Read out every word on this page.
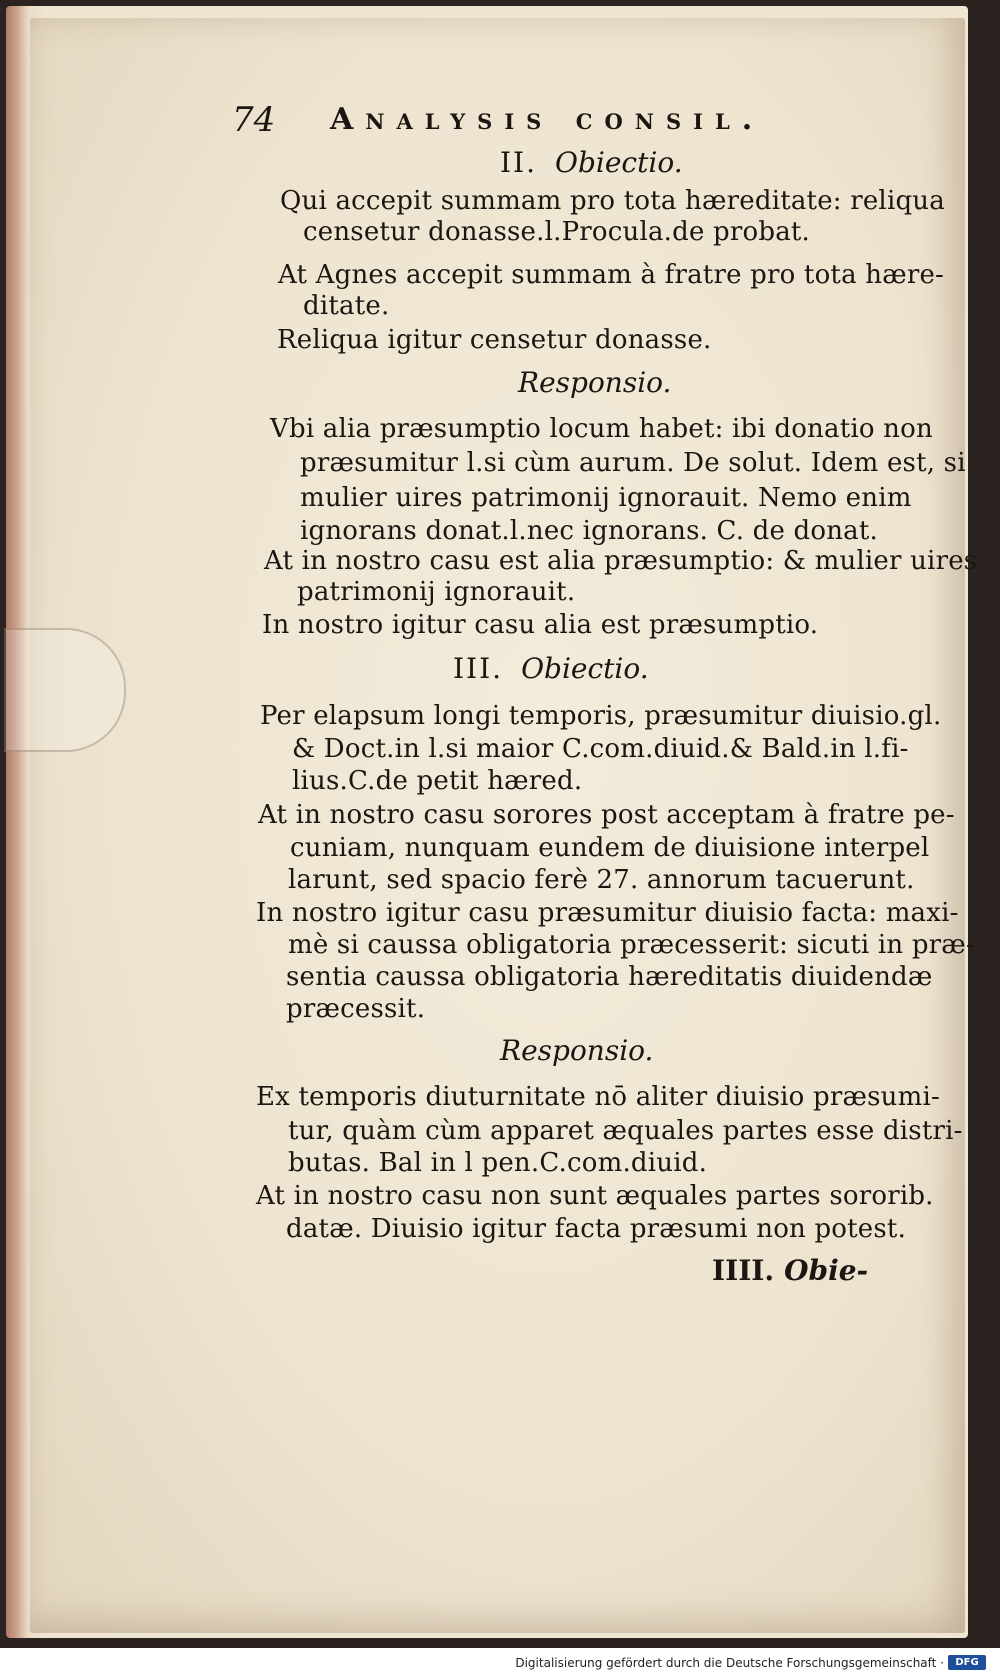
74 Analysis consil.
II. Obiectio.
Qui accepit summam pro tota hæreditate: reliqua
censetur donasse.l.Procula.de probat.
At Agnes accepit summam à fratre pro tota hære-
ditate.
Reliqua igitur censetur donasse.
Responsio.
Vbi alia præsumptio locum habet: ibi donatio non
præsumitur l.si cùm aurum. De solut. Idem est, si
mulier uires patrimonij ignorauit. Nemo enim
ignorans donat.l.nec ignorans. C. de donat.
At in nostro casu est alia præsumptio: & mulier uires
patrimonij ignorauit.
In nostro igitur casu alia est præsumptio.
III. Obiectio.
Per elapsum longi temporis, præsumitur diuisio.gl.
& Doct.in l.si maior C.com.diuid.& Bald.in l.fi-
lius.C.de petit hæred.
At in nostro casu sorores post acceptam à fratre pe-
cuniam, nunquam eundem de diuisione interpel
larunt, sed spacio ferè 27. annorum tacuerunt.
In nostro igitur casu præsumitur diuisio facta: maxi-
mè si caussa obligatoria præcesserit: sicuti in præ-
sentia caussa obligatoria hæreditatis diuidendæ
præcessit.
Responsio.
Ex temporis diuturnitate nō aliter diuisio præsumi-
tur, quàm cùm apparet æquales partes esse distri-
butas. Bal in l pen.C.com.diuid.
At in nostro casu non sunt æquales partes sororib.
datæ. Diuisio igitur facta præsumi non potest.
IIII. Obie-
Digitalisierung gefördert durch die Deutsche Forschungsgemeinschaft ·	DFG
